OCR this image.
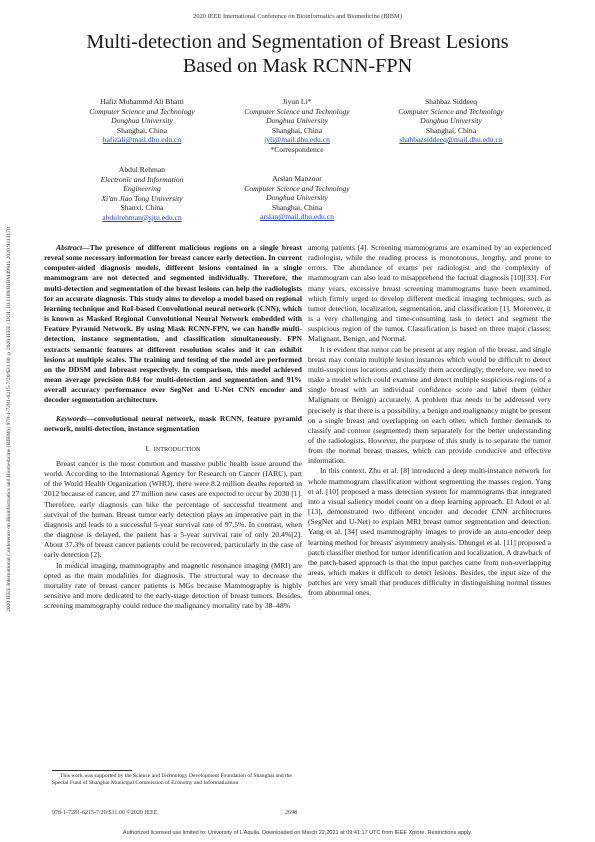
2020 IEEE International Conference on Bioinformatics and Biomedicine (BIBM)
Multi-detection and Segmentation of Breast Lesions
Based on Mask RCNN-FPN
Hafiz Muhammd Ali Bhatti
Computer Science and Technology
Donghua University
Shanghai, China
hafizali@mail.dhu.edu.cn
Jiyun Li*
Computer Science and Technology
Donghua University
Shanghai, China
jyli@mail.dhu.edu.cn
*Correspondence
Shahbaz Siddeeq
Computer Science and Technology
Donghua University
Shanghai, China
shahbazsiddeeq@mail.dhu.edu.cn
Abdul Rehman
Electronic and Information
Engineering
Xi'an Jiao Tong University
Shanxi, China
abdulrehman@sjtu.edu.cn
Arslan Manzoor
Computer Science and Technology
Donghua University
Shanghai, China
arslan@mail.dhu.edu.cn
2020 IEEE International Conference on Bioinformatics and Biomedicine (BIBM) | 978-1-7281-6215-7/20/$31.00 ©2020 IEEE | DOI: 10.1109/BIBM49941.2020.9313170	Abstract—The presence of different malicious regions on a single breast reveal some necessary information for breast cancer early detection. In current computer-aided diagnosis models, different lesions contained in a single mammogram are not detected and segmented individually. Therefore, the multi-detection and segmentation of the breast lesions can help the radiologists for an accurate diagnosis. This study aims to develop a model based on regional learning technique and RoI-based Convolutional neural network (CNN), which is known as Masked Regional Convolutional Neural Network embedded with Feature Pyramid Network. By using Mask RCNN-FPN, we can handle multi-detection, instance segmentation, and classification simultaneously. FPN extracts semantic features at different resolution scales and it can exhibit lesions at multiple scales. The training and testing of the model are performed on the DDSM and Inbreast respectively. In comparison, this model achieved mean average precision 0.84 for multi-detection and segmentation and 91% overall accuracy performance over SegNet and U-Net CNN encoder and decoder segmentation architecture.

Keywords—convolutional neural network, mask RCNN, feature pyramid network, multi-detection, instance segmentation

I. INTRODUCTION

Breast cancer is the most common and massive public health issue around the world. According to the International Agency for Research on Cancer (IARC), part of the World Health Organization (WHO), there were 8.2 million deaths reported in 2012 because of cancer, and 27 million new cases are expected to occur by 2030 [1]. Therefore, early diagnosis can hike the percentage of successful treatment and survival of the human. Breast tumor early detection plays an imperative part in the diagnosis and leads to a successful 5-year survival rate of 97.5%. In contrast, when the diagnose is delayed, the patient has a 5-year survival rate of only 20.4%[2]. About 37.3% of breast cancer patients could be recovered, particularly in the case of early detection [2].

In medical imaging, mammography and magnetic resonance imaging (MRI) are opted as the main modalities for diagnosis. The structural way to decrease the mortality rate of breast cancer patients is MGs because Mammography is highly sensitive and more dedicated to the early-stage detection of breast tumors. Besides, screening mammography could reduce the malignancy mortality rate by 38–48%

among patients [4]. Screening mammograms are examined by an experienced radiologist, while the reading process is monotonous, lengthy, and prone to errors. The abundance of exams per radiologist and the complexity of mammogram can also lead to misapprehend the factual diagnosis [10][33]. For many years, excessive breast screening mammograms have been examined, which firmly urged to develop different medical imaging techniques, such as tumor detection, localization, segmentation, and classification [1]. Moreover, it is a very challenging and time-consuming task to detect and segment the suspicious region of the tumor. Classification is based on three major classes; Malignant, Benign, and Normal.

It is evident that tumor can be present at any region of the breast, and single breast may contain multiple lesion instances which would be difficult to detect multi-suspicious locations and classify them accordingly; therefore, we need to make a model which could examine and detect multiple suspicious regions of a single breast with an individual confidence score and label them (either Malignant or Benign) accurately. A problem that needs to be addressed very precisely is that there is a possibility, a benign and malignancy might be present on a single breast and overlapping on each other, which further demands to classify and contour (segmented) them separately for the better understanding of the radiologists. However, the purpose of this study is to separate the tumor from the normal breast masses, which can provide conducive and effective information.

In this context, Zhu et al. [8] introduced a deep multi-instance network for whole mammogram classification without segmenting the masses region. Yang et al. [10] proposed a mass detection system for mammograms that integrated into a visual saliency model count on a deep learning approach. El Adoui et al. [13], demonstrated two different encoder and decoder CNN architectures (SegNet and U-Net) to explain MRI breast tumor segmentation and detection. Yang et al. [34] used mammography images to provide an auto-encoder deep learning method for breasts' asymmetry analysis. Dhungel et al. [11] proposed a patch classifier method for tumor identification and localization. A drawback of the patch-based approach is that the input patches came from non-overlapping areas, which makes it difficult to detect lesions. Besides, the input size of the patches are very small that produces difficulty in distinguishing normal tissues from abnormal ones.

This work was supported by the Science and Technology Development Foundation of Shanghai and the Special Fund of Shanghai Municipal Commission of Economy and Informatization
978-1-7281-6215-7/20/$31.00 ©2020 IEEE	2698
Authorized licensed use limited to: University of L'Aquila. Downloaded on March 22,2021 at 09:41:17 UTC from IEEE Xplore. Restrictions apply.
